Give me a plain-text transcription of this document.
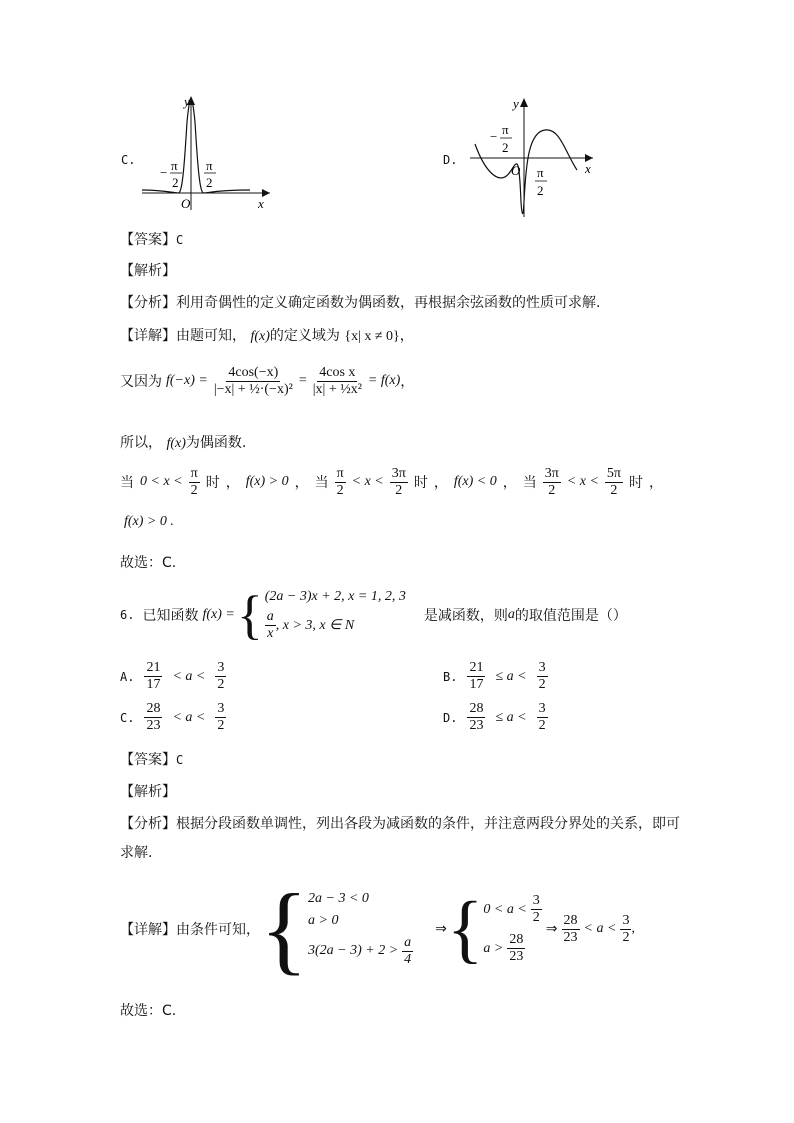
C.
y
x
O
− π
2
π
2
D.
y
x
O
− π
2
π
2
【答案】C
【解析】
【分析】利用奇偶性的定义确定函数为偶函数，再根据余弦函数的性质可求解.
【详解】由题可知， f(x)的定义域为 {x| x ≠ 0}，
又因为 $f(-x) = \frac{4\cos(-x)}{\text{|−x| + ½·(−x)²}} = \frac{\text{4cos x}}{\text{|x| + ½x²}} = f(x)$ ，
所以， f(x)为偶函数.
当 $0 < x < \frac{\pi}{2}$ 时 ， f(x) > 0 ， 当 $\frac{\pi}{2} < x < \frac{3\pi}{2}$ 时 ， f(x) < 0 ， 当 $\frac{3\pi}{2} < x < \frac{5\pi}{2}$ 时 ，
f(x) > 0 .
故选：C.
6. 已知函数 f(x) = { (2a − 3)x + 2, x = 1, 2, 3
$\frac{a}{x}$ , x > 3, x ∈ N
是减函数，则 a 的取值范围是（）
A. $\frac{21}{17} < a < \frac{3}{2}$	B. $\frac{21}{17} \le a < \frac{3}{2}$
C. $\frac{28}{23} < a < \frac{3}{2}$	D. $\frac{28}{23} \le a < \frac{3}{2}$
【答案】C
【解析】
【分析】根据分段函数单调性，列出各段为减函数的条件，并注意两段分界处的关系，即可
求解.
【详解】 由条件可知， { 2a − 3 < 0
a > 0
$3(2a - 3) + 2 > \frac{a}{4}$
⇒ { $0 < a < \frac{3}{2}$
$a > \frac{28}{23}$
⇒ $\frac{28}{23} < a < \frac{3}{2}$ ,
故选：C.
